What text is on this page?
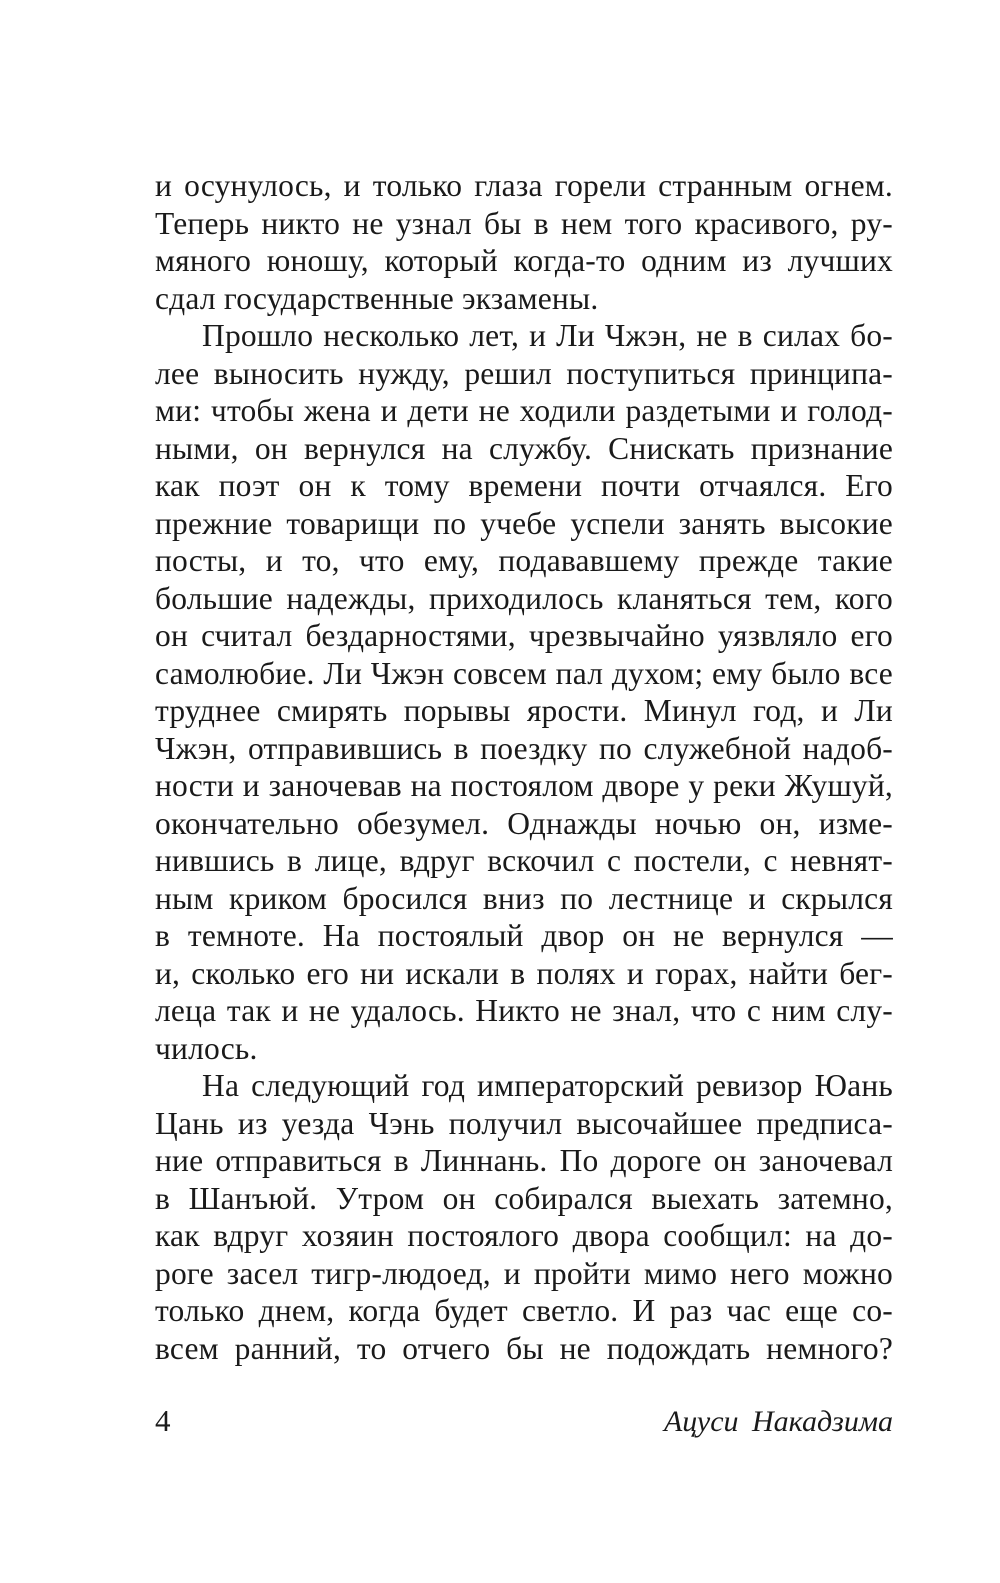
и осунулось, и только глаза горели странным огнем.
Теперь никто не узнал бы в нем того красивого, ру-
мяного юношу, который когда-то одним из лучших
сдал государственные экзамены.
Прошло несколько лет, и Ли Чжэн, не в силах бо-
лее выносить нужду, решил поступиться принципа-
ми: чтобы жена и дети не ходили раздетыми и голод-
ными, он вернулся на службу. Снискать признание
как поэт он к тому времени почти отчаялся. Его
прежние товарищи по учебе успели занять высокие
посты, и то, что ему, подававшему прежде такие
большие надежды, приходилось кланяться тем, кого
он считал бездарностями, чрезвычайно уязвляло его
самолюбие. Ли Чжэн совсем пал духом; ему было все
труднее смирять порывы ярости. Минул год, и Ли
Чжэн, отправившись в поездку по служебной надоб-
ности и заночевав на постоялом дворе у реки Жушуй,
окончательно обезумел. Однажды ночью он, изме-
нившись в лице, вдруг вскочил с постели, с невнят-
ным криком бросился вниз по лестнице и скрылся
в темноте. На постоялый двор он не вернулся —
и, сколько его ни искали в полях и горах, найти бег-
леца так и не удалось. Никто не знал, что с ним слу-
чилось.
На следующий год императорский ревизор Юань
Цань из уезда Чэнь получил высочайшее предписа-
ние отправиться в Линнань. По дороге он заночевал
в Шанъюй. Утром он собирался выехать затемно,
как вдруг хозяин постоялого двора сообщил: на до-
роге засел тигр-людоед, и пройти мимо него можно
только днем, когда будет светло. И раз час еще со-
всем ранний, то отчего бы не подождать немного?
4	Ацуси Накадзима
